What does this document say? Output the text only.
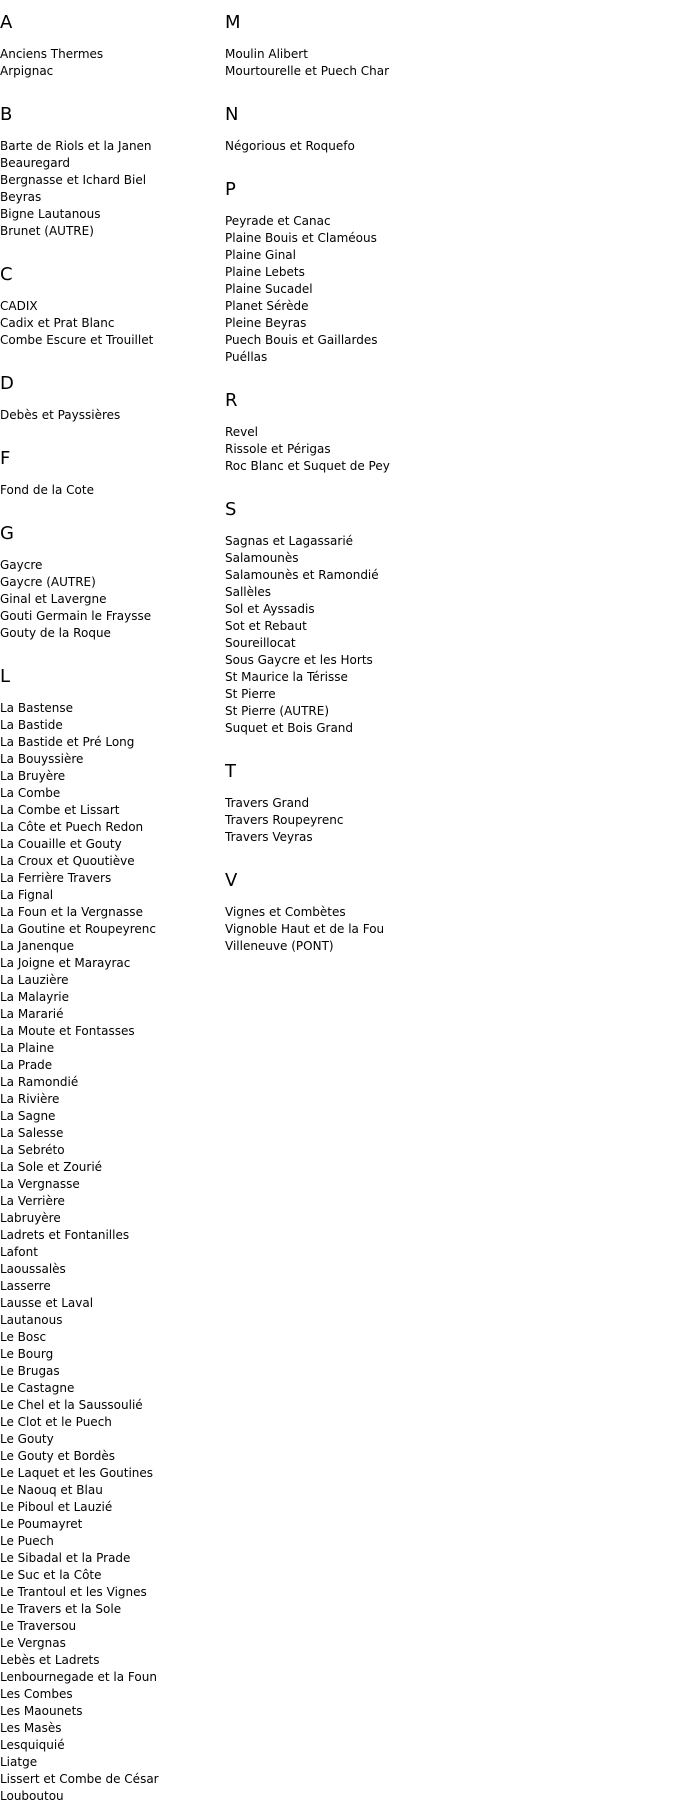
A
Anciens Thermes
Arpignac
B
Barte de Riols et la Janen
Beauregard
Bergnasse et Ichard Biel
Beyras
Bigne Lautanous
Brunet (AUTRE)
C
CADIX
Cadix et Prat Blanc
Combe Escure et Trouillet
D
Debès et Payssières
F
Fond de la Cote
G
Gaycre
Gaycre (AUTRE)
Ginal et Lavergne
Gouti Germain le Fraysse
Gouty de la Roque
L
La Bastense
La Bastide
La Bastide et Pré Long
La Bouyssière
La Bruyère
La Combe
La Combe et Lissart
La Côte et Puech Redon
La Couaille et Gouty
La Croux et Quoutiève
La Ferrière Travers
La Fignal
La Foun et la Vergnasse
La Goutine et Roupeyrenc
La Janenque
La Joigne et Marayrac
La Lauzière
La Malayrie
La Mararié
La Moute et Fontasses
La Plaine
La Prade
La Ramondié
La Rivière
La Sagne
La Salesse
La Sebréto
La Sole et Zourié
La Vergnasse
La Verrière
Labruyère
Ladrets et Fontanilles
Lafont
Laoussalès
Lasserre
Lausse et Laval
Lautanous
Le Bosc
Le Bourg
Le Brugas
Le Castagne
Le Chel et la Saussoulié
Le Clot et le Puech
Le Gouty
Le Gouty et Bordès
Le Laquet et les Goutines
Le Naouq et Blau
Le Piboul et Lauzié
Le Poumayret
Le Puech
Le Sibadal et la Prade
Le Suc et la Côte
Le Trantoul et les Vignes
Le Travers et la Sole
Le Traversou
Le Vergnas
Lebès et Ladrets
Lenbournegade et la Foun
Les Combes
Les Maounets
Les Masès
Lesquiquié
Liatge
Lissert et Combe de César
Louboutou
M
Moulin Alibert
Mourtourelle et Puech Char
N
Négorious et Roquefo
P
Peyrade et Canac
Plaine Bouis et Claméous
Plaine Ginal
Plaine Lebets
Plaine Sucadel
Planet Sérède
Pleine Beyras
Puech Bouis et Gaillardes
Puéllas
R
Revel
Rissole et Périgas
Roc Blanc et Suquet de Pey
S
Sagnas et Lagassarié
Salamounès
Salamounès et Ramondié
Sallèles
Sol et Ayssadis
Sot et Rebaut
Soureillocat
Sous Gaycre et les Horts
St Maurice la Térisse
St Pierre
St Pierre (AUTRE)
Suquet et Bois Grand
T
Travers Grand
Travers Roupeyrenc
Travers Veyras
V
Vignes et Combètes
Vignoble Haut et de la Fou
Villeneuve (PONT)
